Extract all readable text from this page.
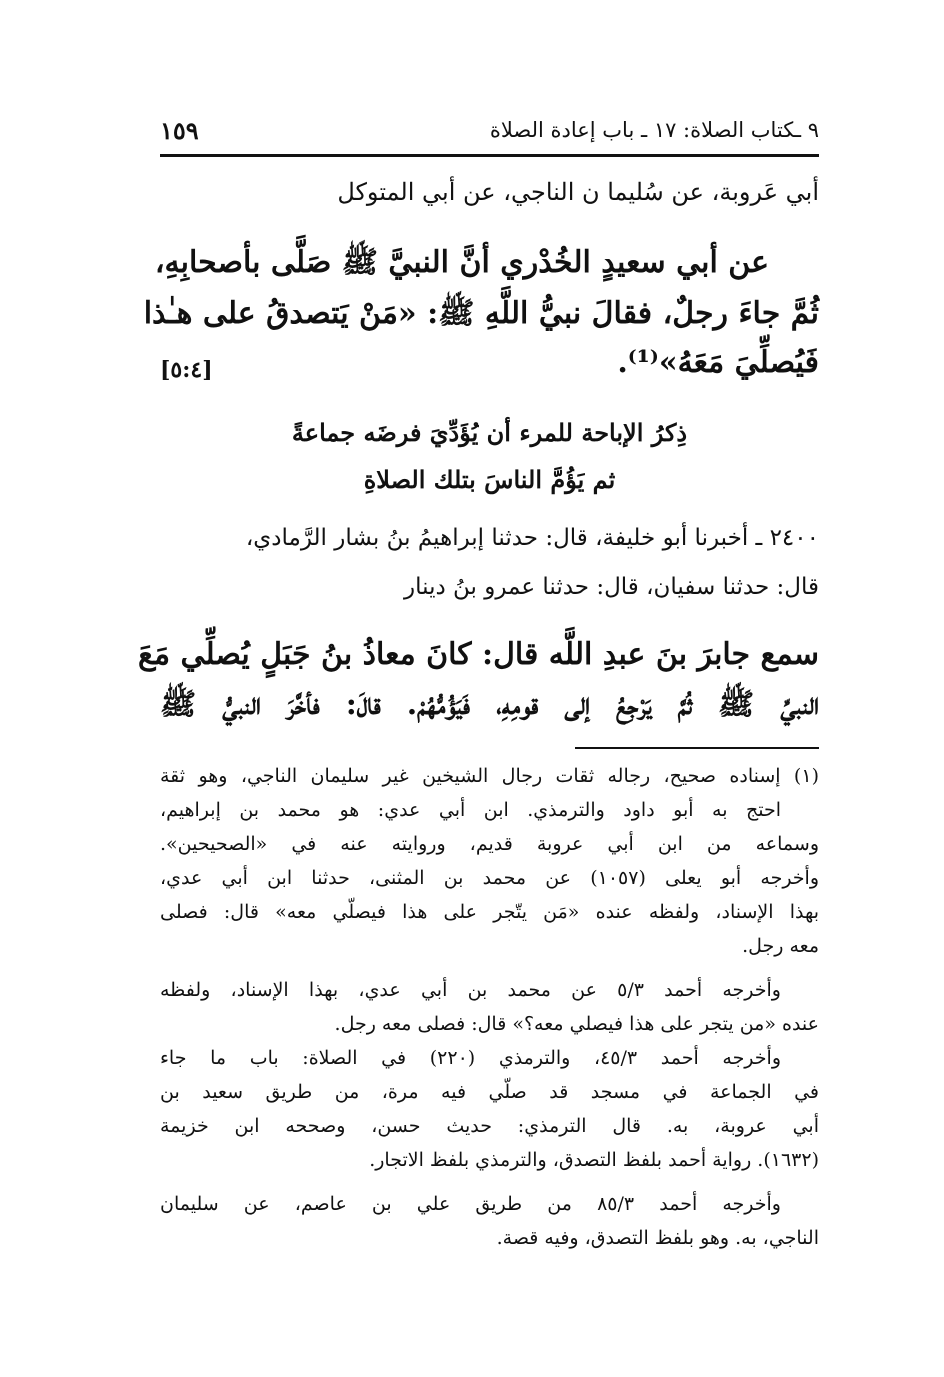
١٥٩	٩ ـكتاب الصلاة: ١٧ ـ باب إعادة الصلاة
أبي عَروبة، عن سُليما ن الناجي، عن أبي المتوكل
عن أبي سعيدٍ الخُدْري أنَّ النبيَّ ﷺ صَلَّى بأصحابِهِ،
ثُمَّ جاءَ رجلٌ، فقالَ نبيُّ اللَّهِ ﷺ: «مَنْ يَتصدقُ على هـٰذا
فَيُصلِّيَ مَعَهُ»⁽¹⁾.
[٥:٤]
ذِكرُ الإباحة للمرء أن يُؤَدِّيَ فرضَه جماعةً
ثم يَؤُمَّ الناسَ بتلك الصلاةِ
٢٤٠٠ ـ أخبرنا أبو خليفة، قال: حدثنا إبراهيمُ بنُ بشار الرَّمادي،
قال: حدثنا سفيان، قال: حدثنا عمرو بنُ دينار
سمع جابرَ بنَ عبدِ اللَّه قال: كانَ معاذُ بنُ جَبَلٍ يُصلِّي مَعَ
النبيِّ ﷺ ثُمَّ يَرْجِعُ إلى قومِهِ، فَيَؤُمُّهُمْ. قالَ: فأخَّرَ النبيُّ ﷺ
(١) إسناده صحيح، رجاله ثقات رجال الشيخين غير سليمان الناجي، وهو ثقة
احتج به أبو داود والترمذي. ابن أبي عدي: هو محمد بن إبراهيم،
وسماعه من ابن أبي عروبة قديم، وروايته عنه في «الصحيحين».
وأخرجه أبو يعلى (١٠٥٧) عن محمد بن المثنى، حدثنا ابن أبي عدي،
بهذا الإسناد، ولفظه عنده «مَن يتّجر على هذا فيصلّي معه» قال: فصلى
معه رجل.
وأخرجه أحمد ٥/٣ عن محمد بن أبي عدي، بهذا الإسناد، ولفظه
عنده «من يتجر على هذا فيصلي معه؟» قال: فصلى معه رجل.
وأخرجه أحمد ٤٥/٣، والترمذي (٢٢٠) في الصلاة: باب ما جاء
في الجماعة في مسجد قد صلّي فيه مرة، من طريق سعيد بن
أبي عروبة، به. قال الترمذي: حديث حسن، وصححه ابن خزيمة
(١٦٣٢). رواية أحمد بلفظ التصدق، والترمذي بلفظ الاتجار.
وأخرجه أحمد ٨٥/٣ من طريق علي بن عاصم، عن سليمان
الناجي، به. وهو بلفظ التصدق، وفيه قصة.
